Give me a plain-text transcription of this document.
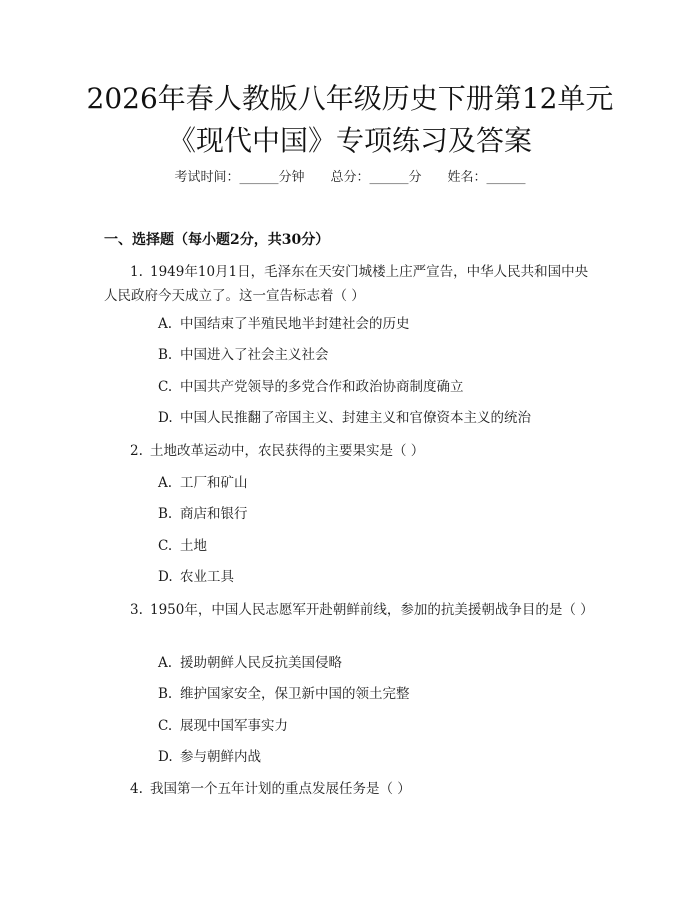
2026年春人教版八年级历史下册第12单元
《现代中国》专项练习及答案
考试时间：______分钟 总分：______分 姓名：______
一、选择题（每小题2分，共30分）
1. 1949年10月1日，毛泽东在天安门城楼上庄严宣告，中华人民共和国中央人民政府今天成立了。这一宣告标志着（ ）
A. 中国结束了半殖民地半封建社会的历史
B. 中国进入了社会主义社会
C. 中国共产党领导的多党合作和政治协商制度确立
D. 中国人民推翻了帝国主义、封建主义和官僚资本主义的统治
2. 土地改革运动中，农民获得的主要果实是（ ）
A. 工厂和矿山
B. 商店和银行
C. 土地
D. 农业工具
3. 1950年，中国人民志愿军开赴朝鲜前线，参加的抗美援朝战争目的是（ ）
A. 援助朝鲜人民反抗美国侵略
B. 维护国家安全，保卫新中国的领土完整
C. 展现中国军事实力
D. 参与朝鲜内战
4. 我国第一个五年计划的重点发展任务是（ ）
